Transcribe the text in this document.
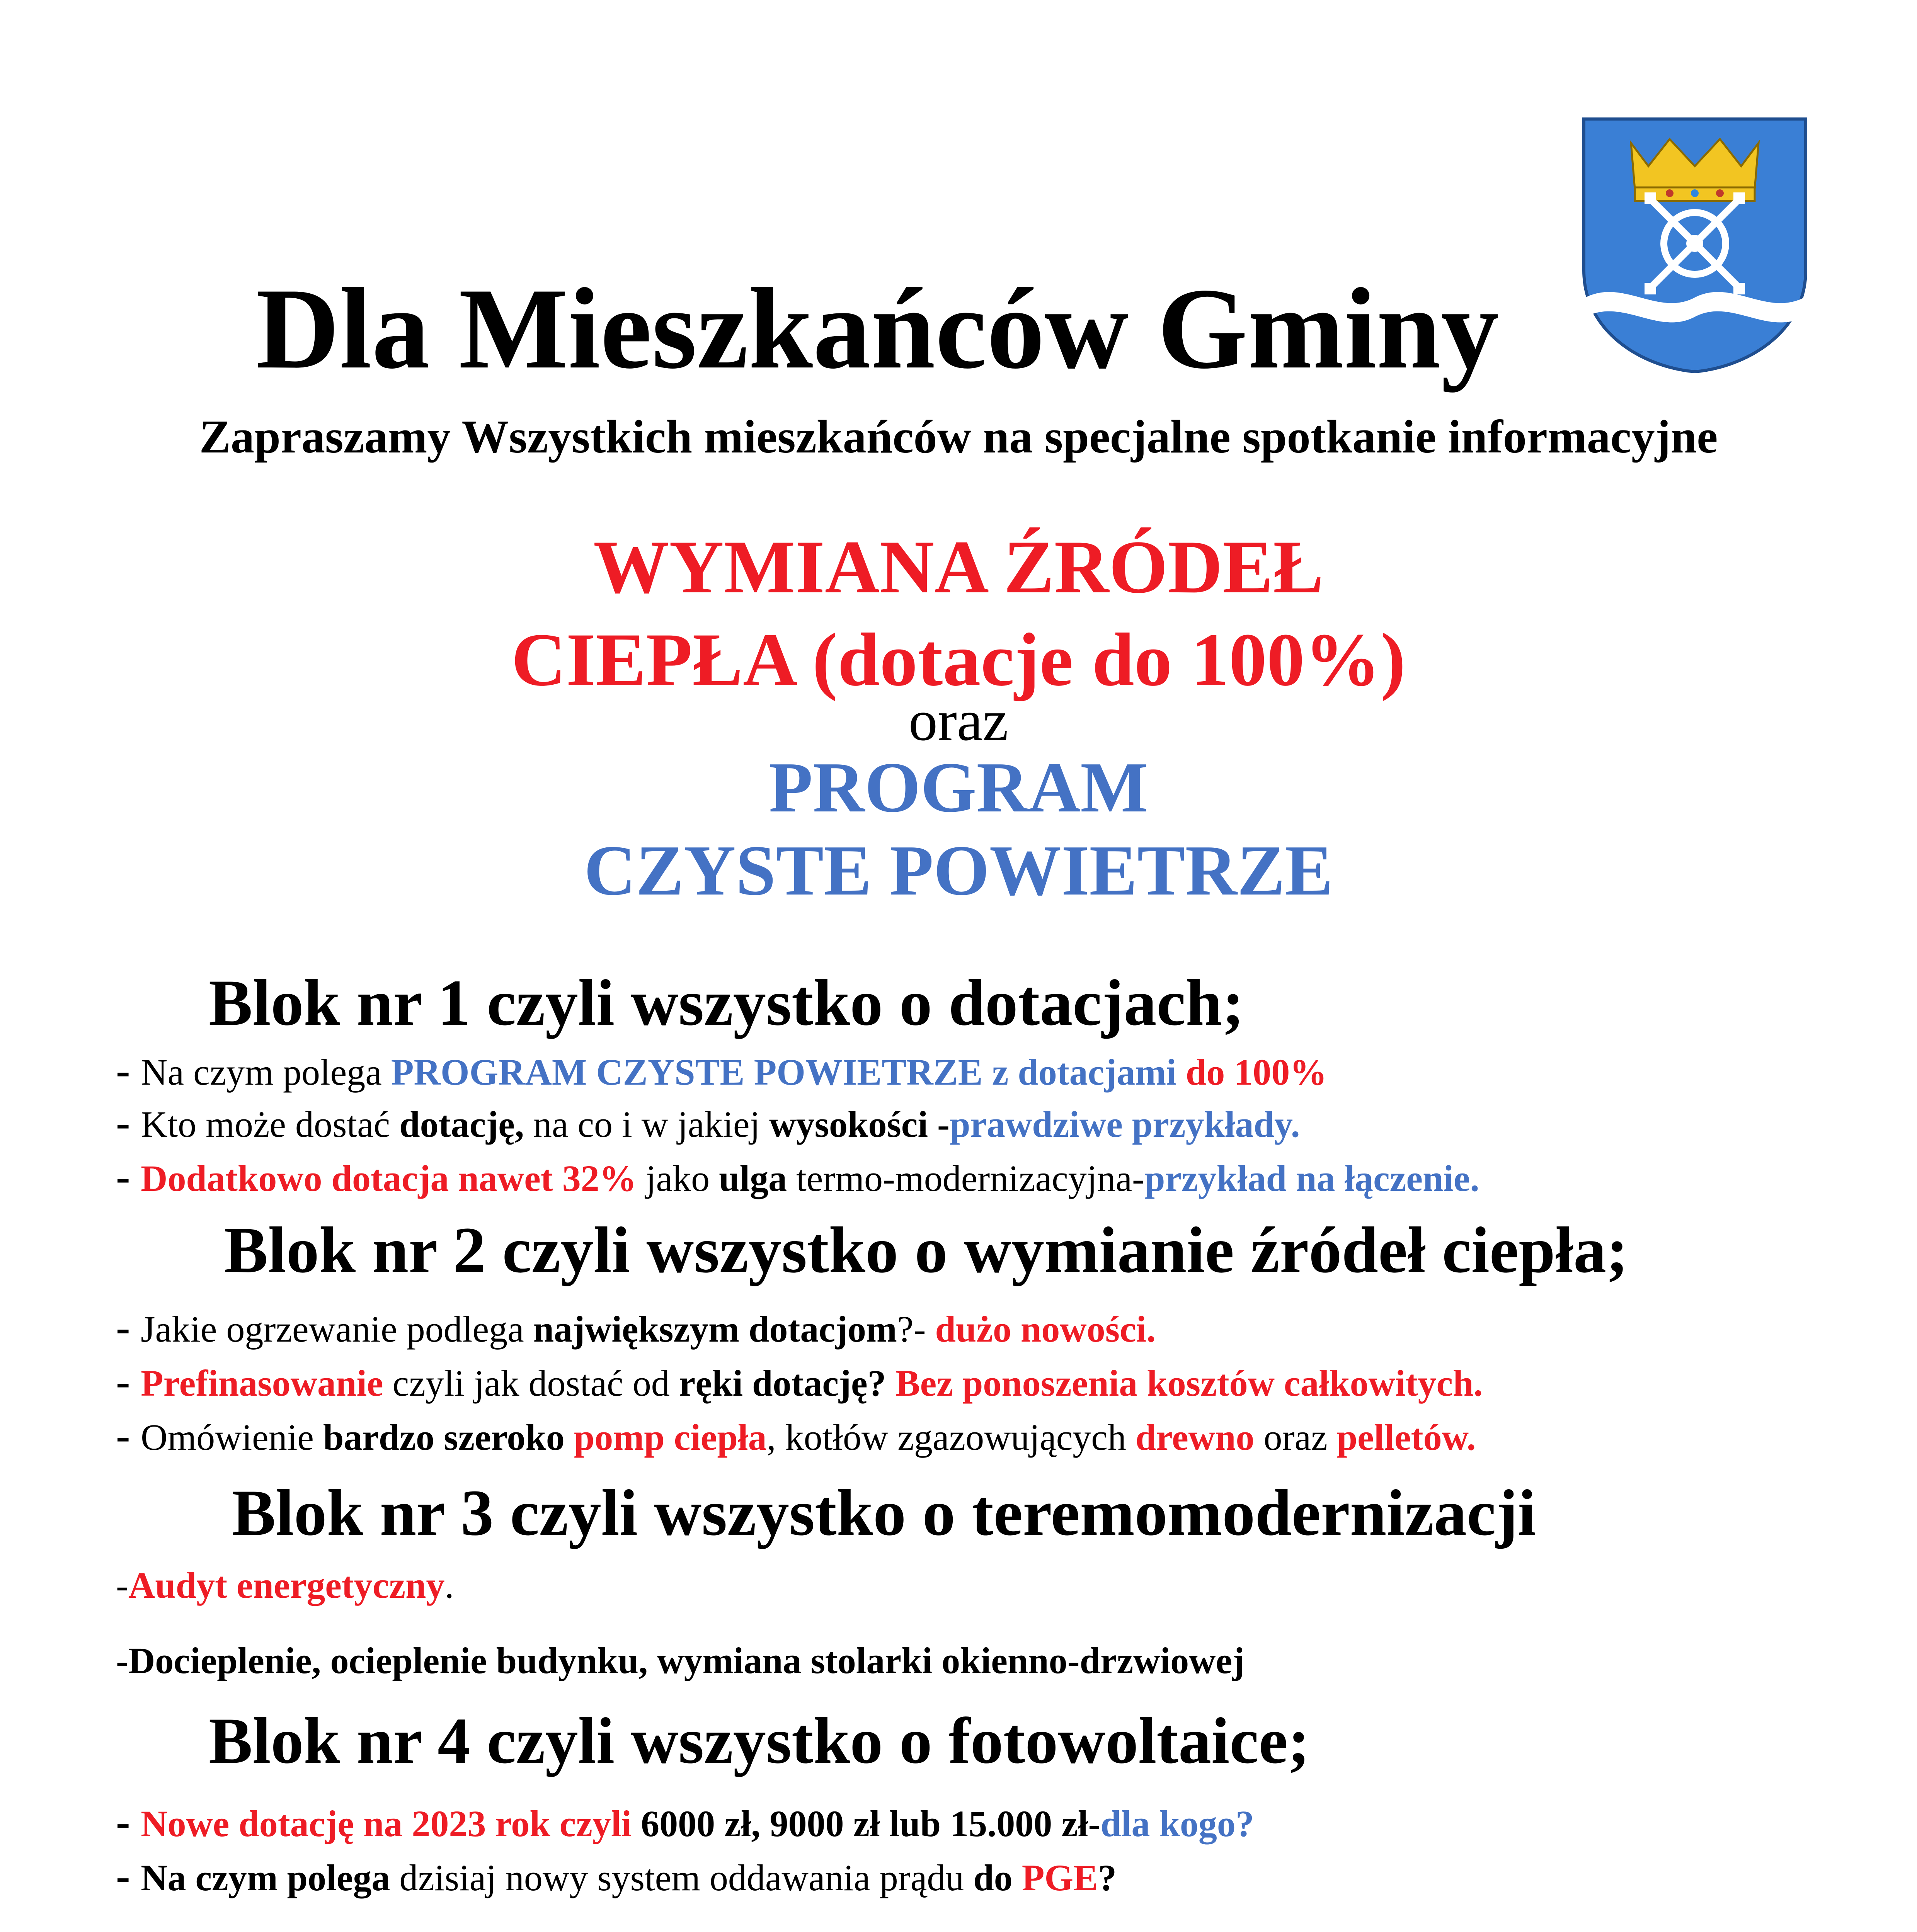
Dla Mieszkańców Gminy
Zapraszamy Wszystkich mieszkańców na specjalne spotkanie informacyjne
WYMIANA ŹRÓDEŁ
CIEPŁA (dotacje do 100%)
oraz
PROGRAM
CZYSTE POWIETRZE
Blok nr 1 czyli wszystko o dotacjach;
- Na czym polega PROGRAM CZYSTE POWIETRZE z dotacjami do 100%
- Kto może dostać dotację, na co i w jakiej wysokości -prawdziwe przykłady.
- Dodatkowo dotacja nawet 32% jako ulga termo-modernizacyjna-przykład na łączenie.
Blok nr 2 czyli wszystko o wymianie źródeł ciepła;
- Jakie ogrzewanie podlega największym dotacjom?- dużo nowości.
- Prefinasowanie czyli jak dostać od ręki dotację? Bez ponoszenia kosztów całkowitych.
- Omówienie bardzo szeroko pomp ciepła, kotłów zgazowujących drewno oraz pelletów.
Blok nr 3 czyli wszystko o teremomodernizacji
-Audyt energetyczny.
-Docieplenie, ocieplenie budynku, wymiana stolarki okienno-drzwiowej
Blok nr 4 czyli wszystko o fotowoltaice;
- Nowe dotację na 2023 rok czyli 6000 zł, 9000 zł lub 15.000 zł-dla kogo?
- Na czym polega dzisiaj nowy system oddawania prądu do PGE?
